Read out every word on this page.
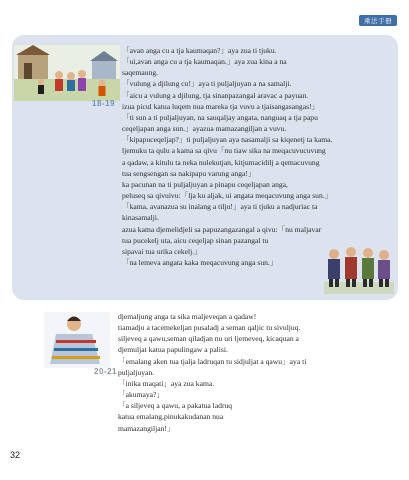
乘法手冊
18-19
「avan anga cu a tja kaumaqan?」aya zua ti tjuku.
「ui,avan anga cu a tja kaumaqan.」aya zua kina a na
saqemaung.
「vulung a djilung cu!」aya ti puljaljuyan a na samalji.
「aicu a vulung a djilung, tja sinanpazangal aravac a payuan.
izua picul katua luqem nua mareka tja vuvu a tjaisangasangas!」
「ti sun a ti puljaljuyan, na sauqaljay angata, nanguaq a tja papu
ceqeljapan anga sun.」ayazua mamazangiljan a vuvu.
「kipapuceqeljap?」ti puljaljuyan aya nasamalji sa kiqenetj ta kama.
ljemuku ta qulu a kama sa qivu「nu tiaw sika na meqacuvucuvung
a qadaw, a kitulu ta neka nulekutjan, kitjumacidilj a qemacuvung
tua sengsengan sa nakipapu varung anga!」
ka pacunan na ti puljaljuyan a pinapu ceqeljapan anga,
peluseq sa qivuivu:「lja ku aljak, ui angata meqacuvung anga sun.」
「kama, avanazua su inalang a tilju!」aya ti tjuku a nadjuriac ta
kinasamalji.
azua kama djemelidjeli sa papuzangazangal a qivu:「nu maljavar
tua pucekelj uta, aicu ceqeljap sinan pazangal tu
sipavai tua urika cekelj.」
「na lemeva angata kaka meqacuvung anga sun.」
20-21
djemaljung anga ta sika maljeveqan a qadaw!
tiamadju a tacemekeljan pusaladj a seman qaljic tu sivuljuq.
siljeveq a qawu,seman qiladjan nu uri ljemeveq, kicaquan a
djemuljat katua papulingaw a palisi.
「emalang aken tua tjalja ladruqan tu sidjuljat a qawu」aya ti
puljaljuyan.
「inika maqati」aya zua kama.
「akumaya?」
「a siljeveq a qawu, a pakatua ladruq
katua emalang,pinukakudanan nua
mamazangiljan!」
32
